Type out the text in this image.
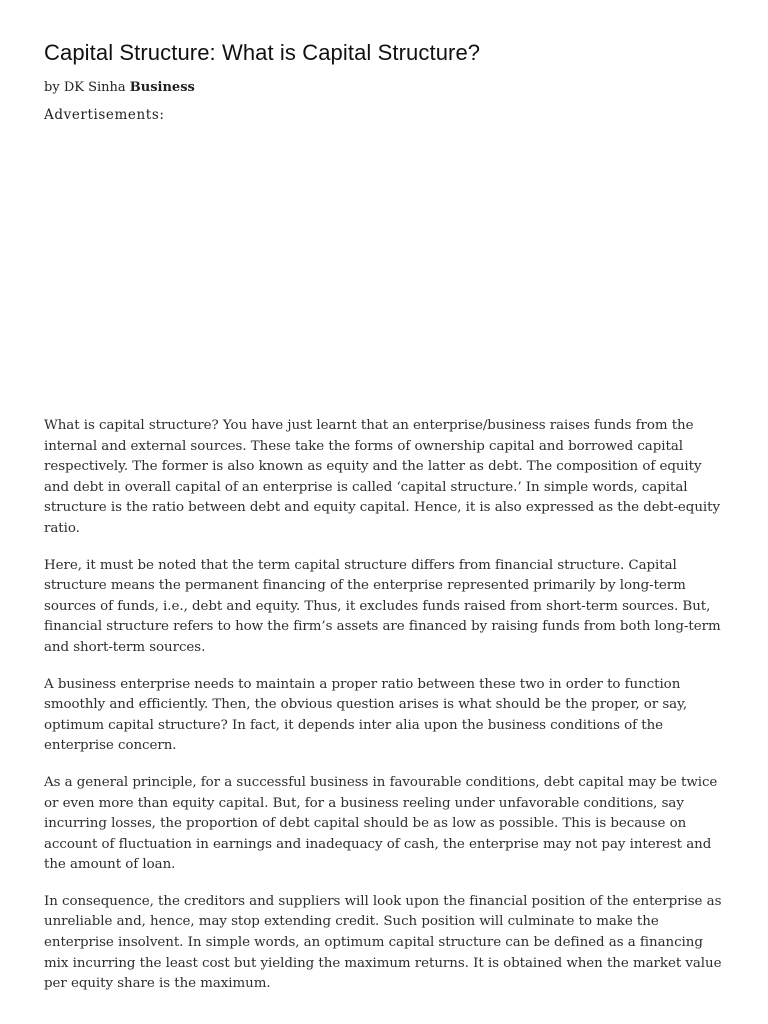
Capital Structure: What is Capital Structure?
by DK Sinha Business
Advertisements:

What is capital structure? You have just learnt that an enterprise/business raises funds from the internal and external sources. These take the forms of ownership capital and borrowed capital respectively. The former is also known as equity and the latter as debt. The composition of equity and debt in overall capital of an enterprise is called ‘capital structure.’ In simple words, capital structure is the ratio between debt and equity capital. Hence, it is also expressed as the debt-equity ratio.

Here, it must be noted that the term capital structure differs from financial structure. Capital structure means the permanent financing of the enterprise represented primarily by long-term sources of funds, i.e., debt and equity. Thus, it excludes funds raised from short-term sources. But, financial structure refers to how the firm’s assets are financed by raising funds from both long-term and short-term sources.

A business enterprise needs to maintain a proper ratio between these two in order to function smoothly and efficiently. Then, the obvious question arises is what should be the proper, or say, optimum capital structure? In fact, it depends inter alia upon the business conditions of the enterprise concern.

As a general principle, for a successful business in favourable conditions, debt capital may be twice or even more than equity capital. But, for a business reeling under unfavorable conditions, say incurring losses, the proportion of debt capital should be as low as possible. This is because on account of fluctuation in earnings and inadequacy of cash, the enterprise may not pay interest and the amount of loan.

In consequence, the creditors and suppliers will look upon the financial position of the enterprise as unreliable and, hence, may stop extending credit. Such position will culminate to make the enterprise insolvent. In simple words, an optimum capital structure can be defined as a financing mix incurring the least cost but yielding the maximum returns. It is obtained when the market value per equity share is the maximum.
